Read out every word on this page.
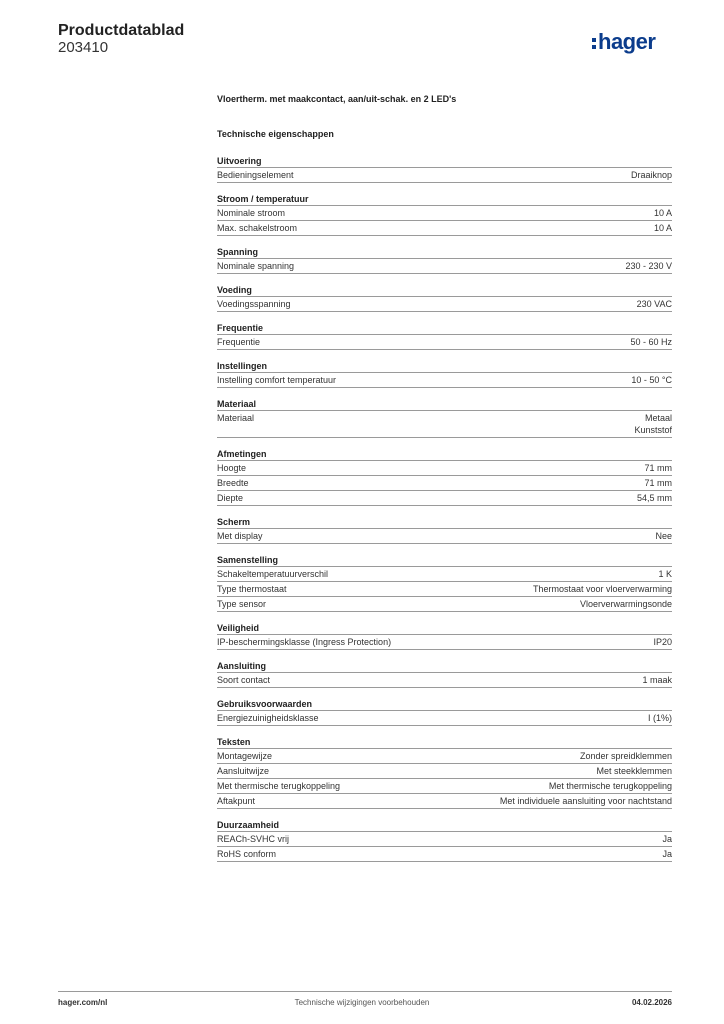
Productdatablad
203410	hager
Vloertherm. met maakcontact, aan/uit-schak. en 2 LED's
Technische eigenschappen
Uitvoering
Bedieningselement	Draaiknop
Stroom / temperatuur
Nominale stroom	10 A
Max. schakelstroom	10 A
Spanning
Nominale spanning	230 - 230 V
Voeding
Voedingsspanning	230 VAC
Frequentie
Frequentie	50 - 60 Hz
Instellingen
Instelling comfort temperatuur	10 - 50 °C
Materiaal
Materiaal	Metaal
Kunststof
Afmetingen
Hoogte	71 mm
Breedte	71 mm
Diepte	54,5 mm
Scherm
Met display	Nee
Samenstelling
Schakeltemperatuurverschil	1 K
Type thermostaat	Thermostaat voor vloerverwarming
Type sensor	Vloerverwarmingsonde
Veiligheid
IP-beschermingsklasse (Ingress Protection)	IP20
Aansluiting
Soort contact	1 maak
Gebruiksvoorwaarden
Energiezuinigheidsklasse	I (1%)
Teksten
Montagewijze	Zonder spreidklemmen
Aansluitwijze	Met steekklemmen
Met thermische terugkoppeling	Met thermische terugkoppeling
Aftakpunt	Met individuele aansluiting voor nachtstand
Duurzaamheid
REACh-SVHC vrij	Ja
RoHS conform	Ja
hager.com/nl	Technische wijzigingen voorbehouden	04.02.2026
